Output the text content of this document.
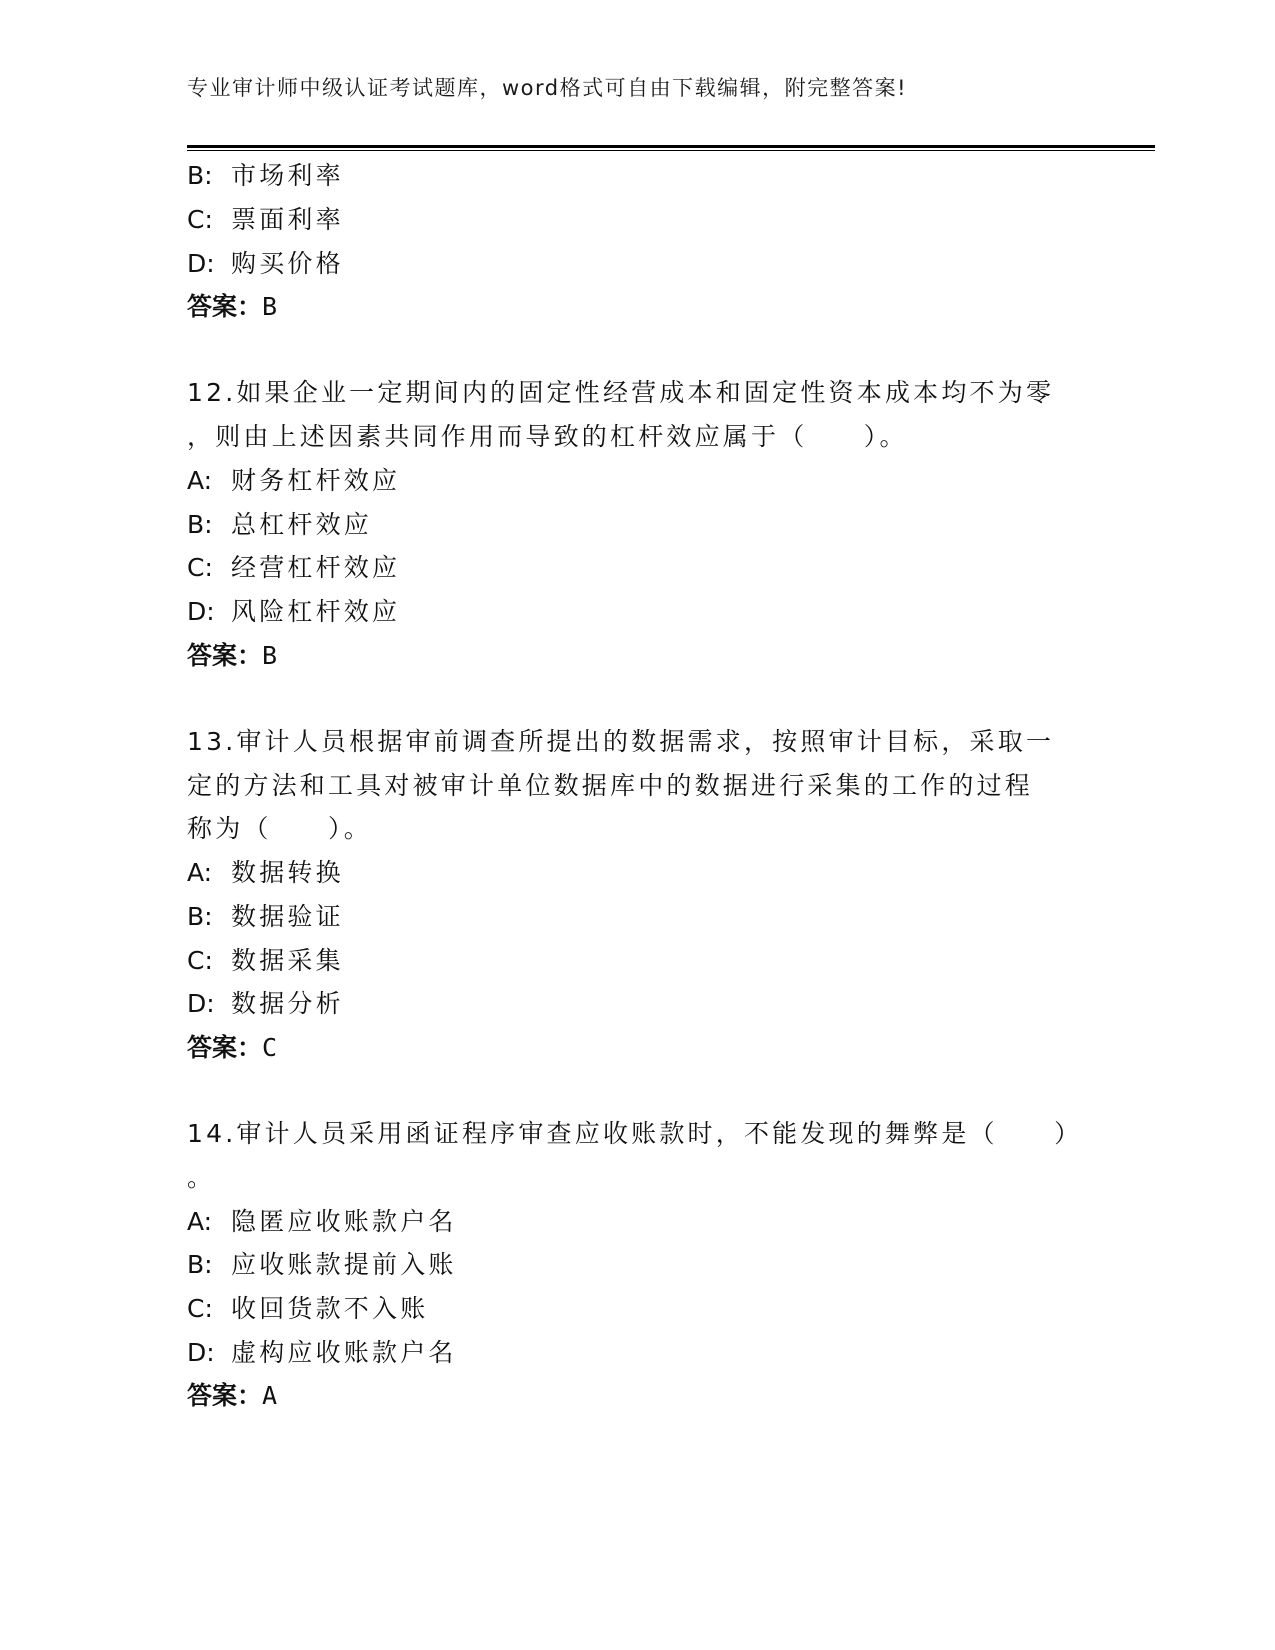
专业审计师中级认证考试题库，word格式可自由下载编辑，附完整答案!
B: 市场利率
C: 票面利率
D: 购买价格
答案：B
12.如果企业一定期间内的固定性经营成本和固定性资本成本均不为零
，则由上述因素共同作用而导致的杠杆效应属于（　　）。
A: 财务杠杆效应
B: 总杠杆效应
C: 经营杠杆效应
D: 风险杠杆效应
答案：B
13.审计人员根据审前调查所提出的数据需求，按照审计目标，采取一
定的方法和工具对被审计单位数据库中的数据进行采集的工作的过程
称为（　　）。
A: 数据转换
B: 数据验证
C: 数据采集
D: 数据分析
答案：C
14.审计人员采用函证程序审查应收账款时，不能发现的舞弊是（　　）
。
A: 隐匿应收账款户名
B: 应收账款提前入账
C: 收回货款不入账
D: 虚构应收账款户名
答案：A
